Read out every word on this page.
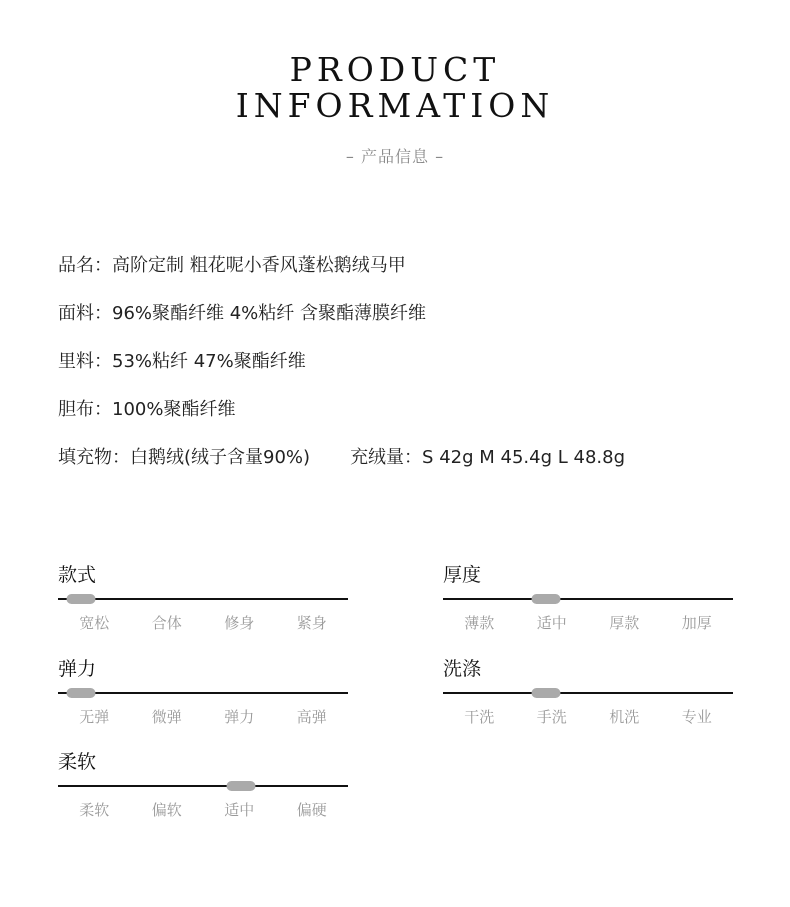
PRODUCT
INFORMATION
– 产品信息 –
品名：高阶定制 粗花呢小香风蓬松鹅绒马甲
面料：96%聚酯纤维 4%粘纤 含聚酯薄膜纤维
里料：53%粘纤 47%聚酯纤维
胆布：100%聚酯纤维
填充物：白鹅绒(绒子含量90%) 充绒量：S 42g M 45.4g L 48.8g
款式
宽松	合体	修身	紧身
厚度
薄款	适中	厚款	加厚
弹力
无弹	微弹	弹力	高弹
洗涤
干洗	手洗	机洗	专业
柔软
柔软	偏软	适中	偏硬
